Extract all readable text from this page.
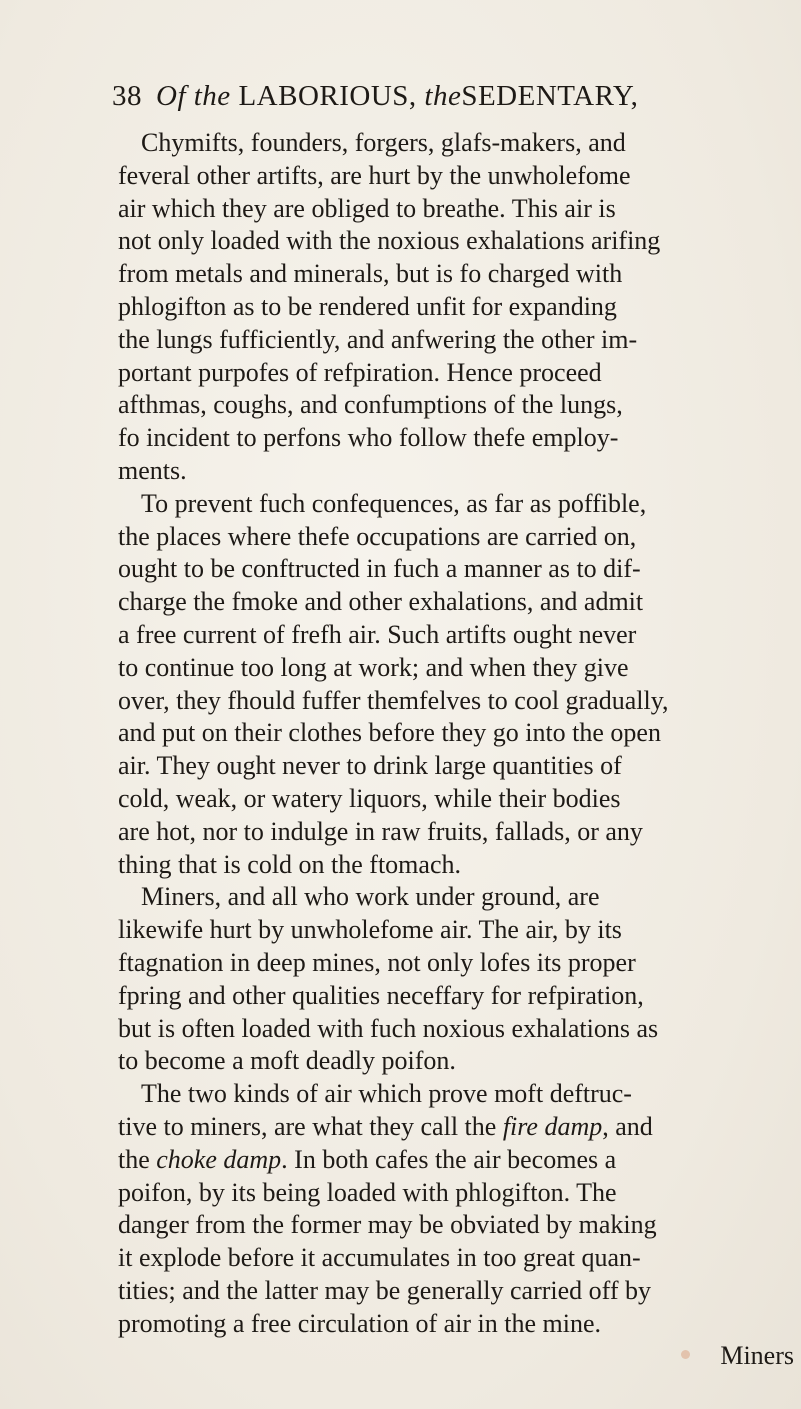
38 Of the LABORIOUS, theSEDENTARY,
Chymifts, founders, forgers, glafs-makers, and
feveral other artifts, are hurt by the unwholefome
air which they are obliged to breathe. This air is
not only loaded with the noxious exhalations arifing
from metals and minerals, but is fo charged with
phlogifton as to be rendered unfit for expanding
the lungs fufficiently, and anfwering the other im-
portant purpofes of refpiration. Hence proceed
afthmas, coughs, and confumptions of the lungs,
fo incident to perfons who follow thefe employ-
ments.
To prevent fuch confequences, as far as poffible,
the places where thefe occupations are carried on,
ought to be conftructed in fuch a manner as to dif-
charge the fmoke and other exhalations, and admit
a free current of frefh air. Such artifts ought never
to continue too long at work; and when they give
over, they fhould fuffer themfelves to cool gradually,
and put on their clothes before they go into the open
air. They ought never to drink large quantities of
cold, weak, or watery liquors, while their bodies
are hot, nor to indulge in raw fruits, fallads, or any
thing that is cold on the ftomach.
Miners, and all who work under ground, are
likewife hurt by unwholefome air. The air, by its
ftagnation in deep mines, not only lofes its proper
fpring and other qualities neceffary for refpiration,
but is often loaded with fuch noxious exhalations as
to become a moft deadly poifon.
The two kinds of air which prove moft deftruc-
tive to miners, are what they call the fire damp, and
the choke damp. In both cafes the air becomes a
poifon, by its being loaded with phlogifton. The
danger from the former may be obviated by making
it explode before it accumulates in too great quan-
tities; and the latter may be generally carried off by
promoting a free circulation of air in the mine.
Miners
